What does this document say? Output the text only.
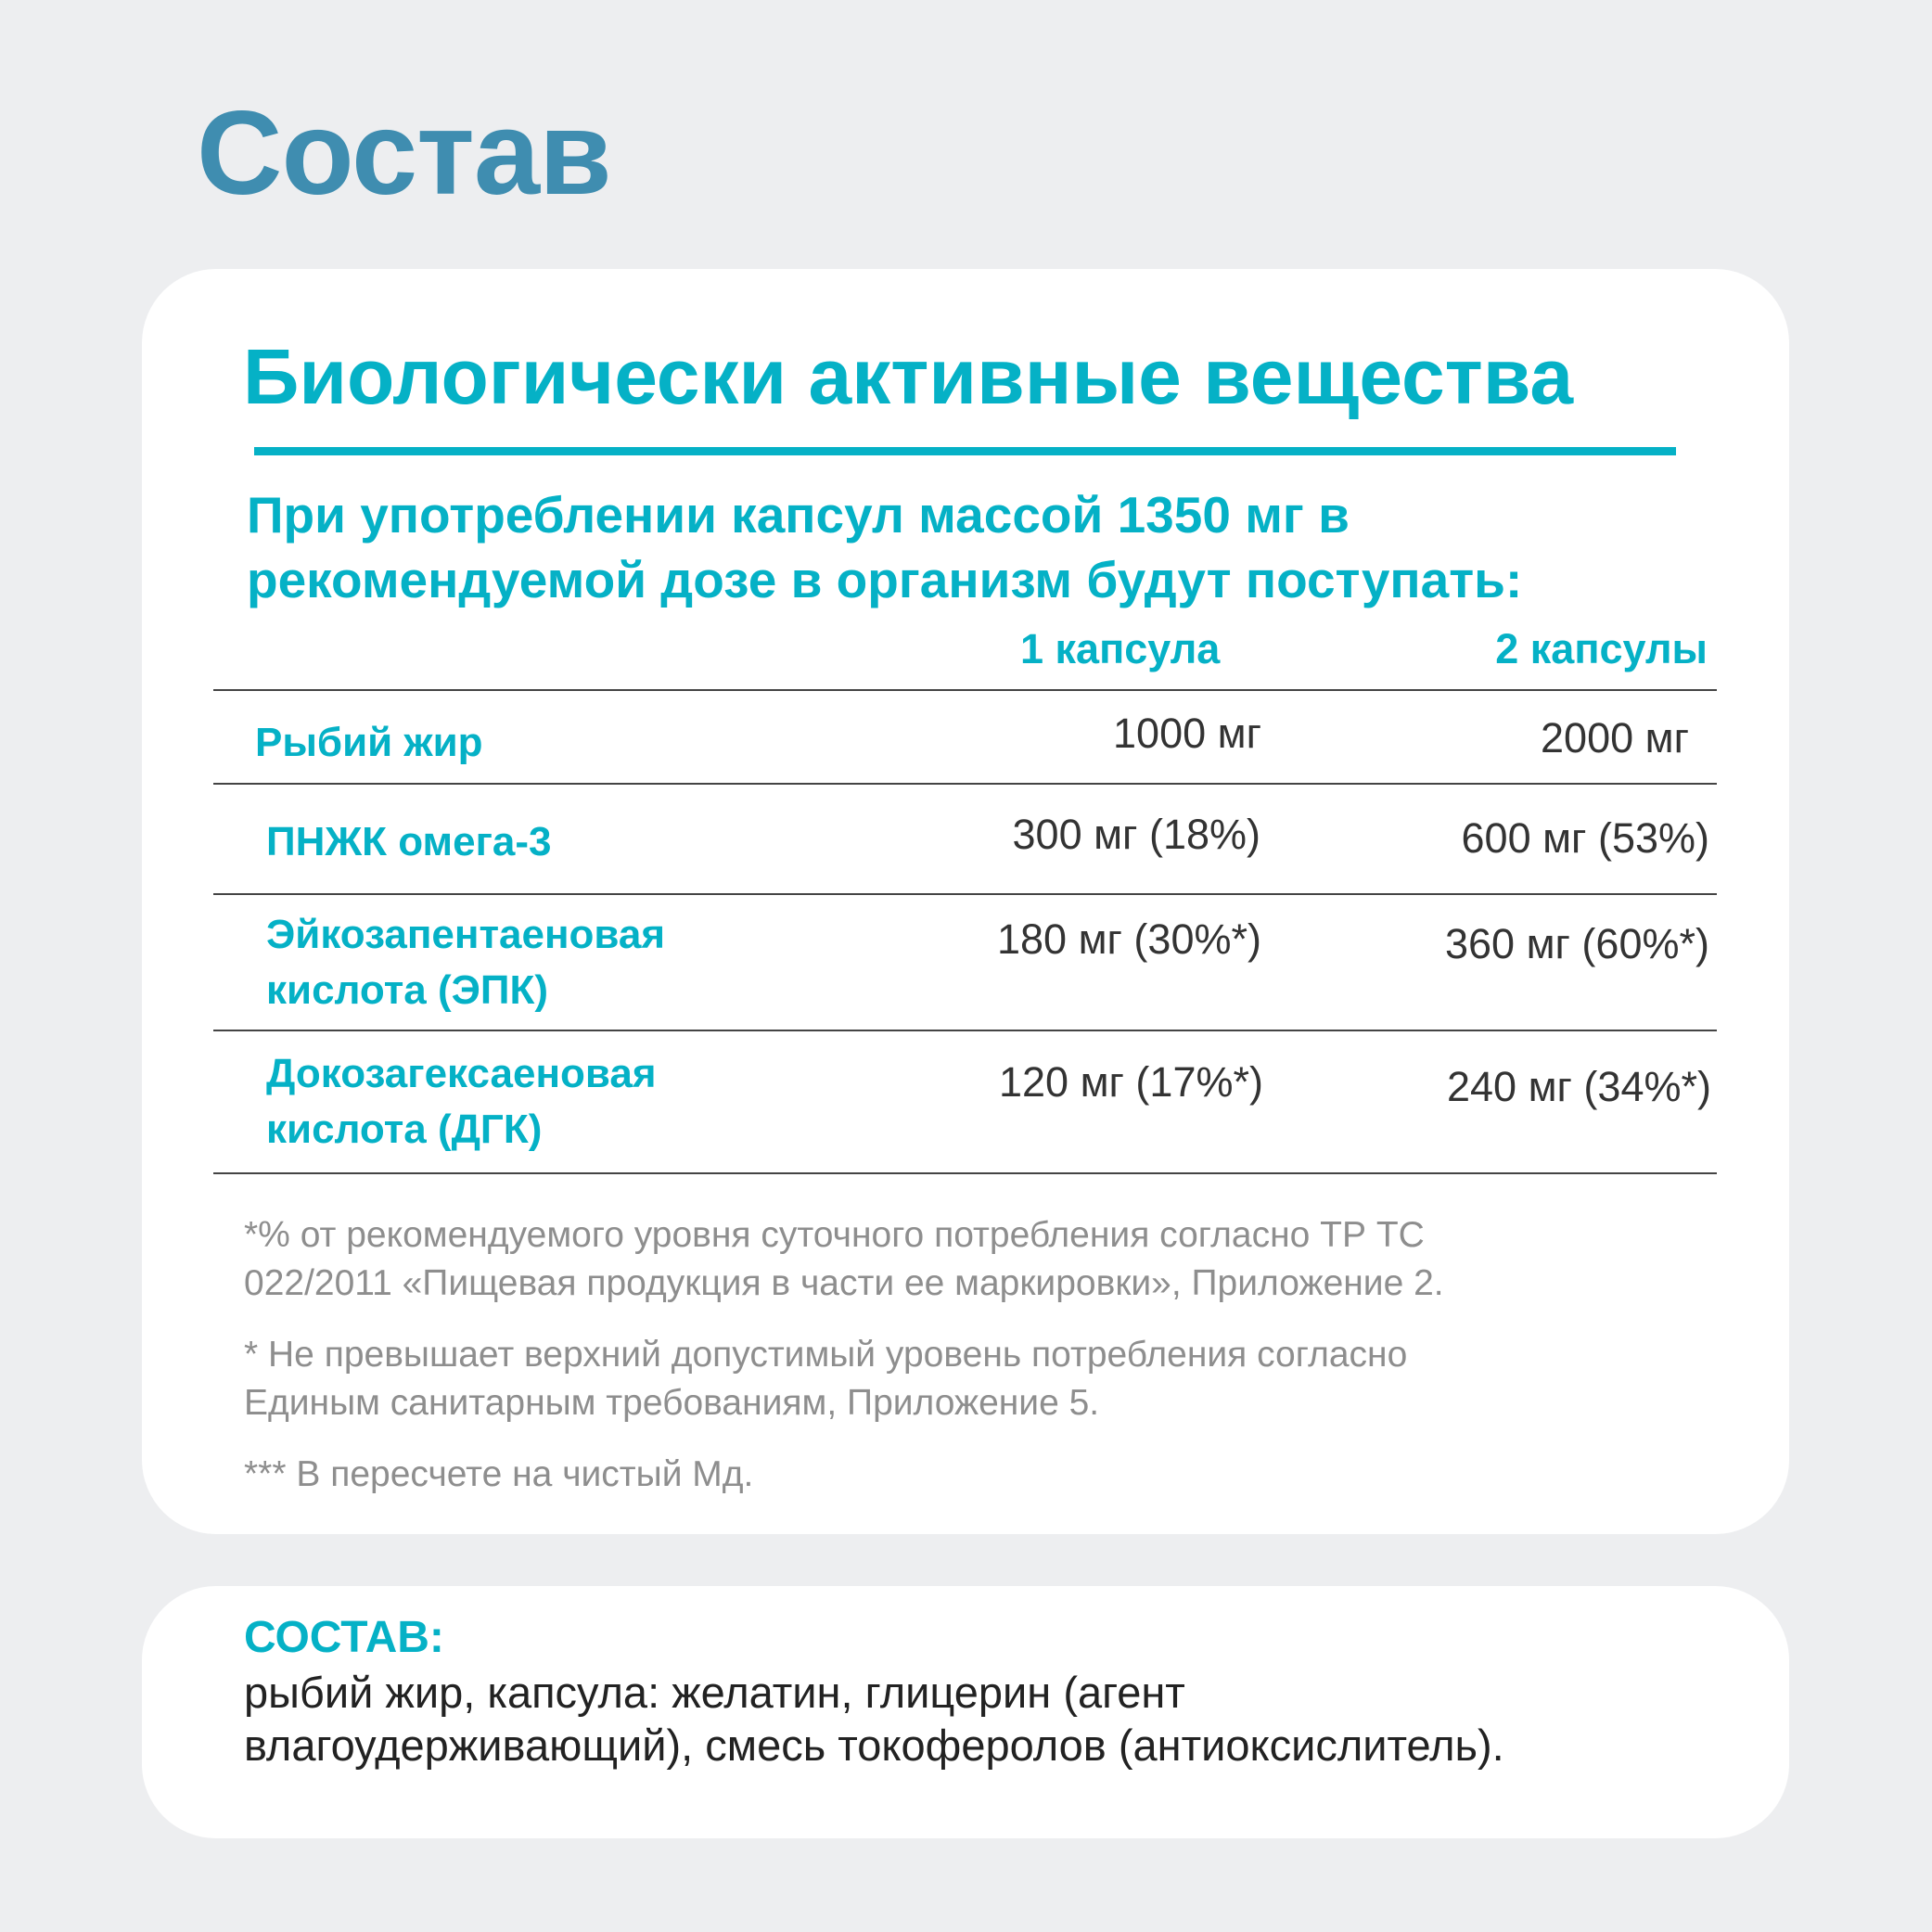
Состав
Биологически активные вещества
При употреблении капсул массой 1350 мг в
рекомендуемой дозе в организм будут поступать:
1 капсула	2 капсулы
Рыбий жир	1000 мг	2000 мг
ПНЖК омега-3	300 мг (18%)	600 мг (53%)
Эйкозапентаеновая
кислота (ЭПК)
180 мг (30%*)	360 мг (60%*)
Докозагексаеновая
кислота (ДГК)
120 мг (17%*)	240 мг (34%*)
*% от рекомендуемого уровня суточного потребления согласно ТР ТС
022/2011 «Пищевая продукция в части ее маркировки», Приложение 2.
* Не превышает верхний допустимый уровень потребления согласно
Единым санитарным требованиям, Приложение 5.
*** В пересчете на чистый Мд.
СОСТАВ:
рыбий жир, капсула: желатин, глицерин (агент
влагоудерживающий), смесь токоферолов (антиоксислитель).
